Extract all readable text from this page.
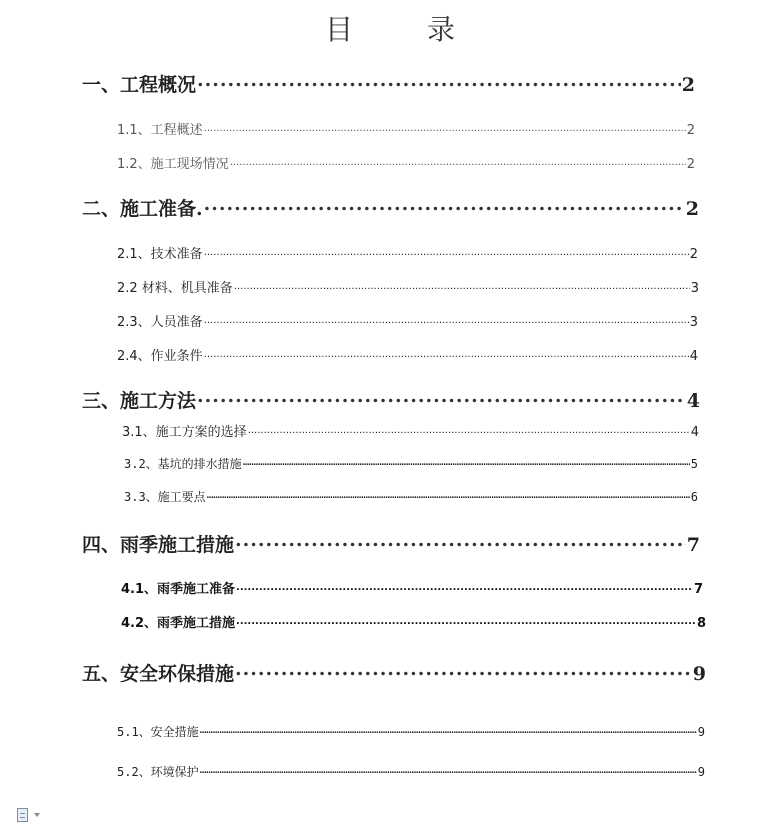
目	录
一、工程概况 .....	2
1.1、工程概述 .....	2
1.2、施工现场情况 .....	2
二、施工准备. .....	2
2.1、技术准备 .....	2
2.2 材料、机具准备 .....	3
2.3、人员准备 .....	3
2.4、作业条件 .....	4
三、施工方法 .....	4
3.1、施工方案的选择 .....	4
3.2、基坑的排水措施 …………………………………………………………………………………………………………………………………………………………………………………………………………	5
3.3、施工要点 …………………………………………………………………………………………………………………………………………………………………………………………………………	6
四、雨季施工措施 .....	7
4.1、雨季施工准备 .....	7
4.2、雨季施工措施 .....	8
五、安全环保措施 .....	9
5.1、安全措施 …………………………………………………………………………………………………………………………………………………………………………………………………………	9
5.2、环境保护 …………………………………………………………………………………………………………………………………………………………………………………………………………	9
